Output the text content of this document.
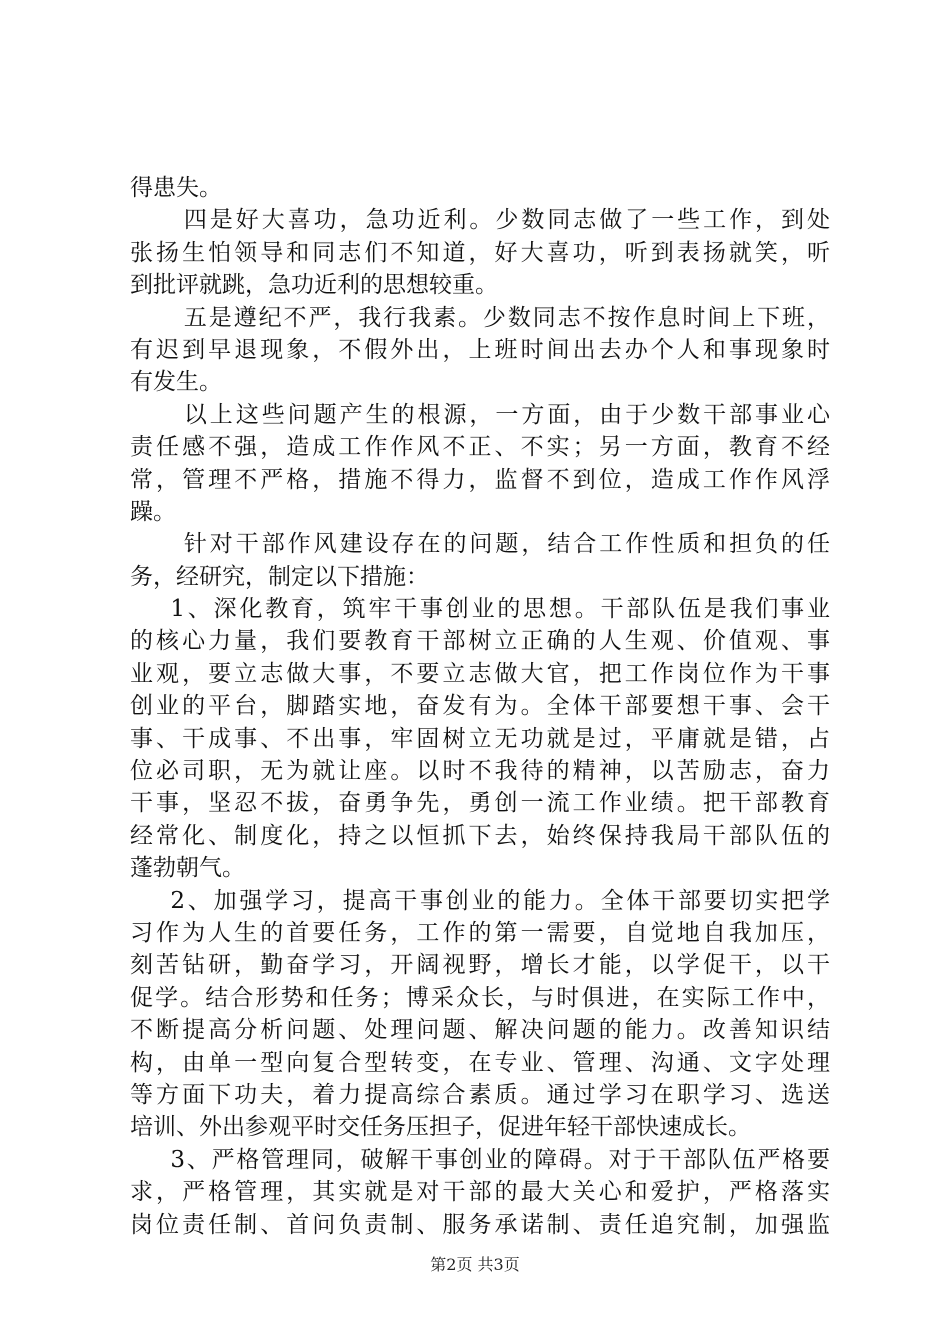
得患失。
四是好大喜功，急功近利。少数同志做了一些工作，到处
张扬生怕领导和同志们不知道，好大喜功，听到表扬就笑，听
到批评就跳，急功近利的思想较重。
五是遵纪不严，我行我素。少数同志不按作息时间上下班，
有迟到早退现象，不假外出，上班时间出去办个人和事现象时
有发生。
以上这些问题产生的根源，一方面，由于少数干部事业心
责任感不强，造成工作作风不正、不实；另一方面，教育不经
常，管理不严格，措施不得力，监督不到位，造成工作作风浮
躁。
针对干部作风建设存在的问题，结合工作性质和担负的任
务，经研究，制定以下措施：
1、深化教育，筑牢干事创业的思想。干部队伍是我们事业
的核心力量，我们要教育干部树立正确的人生观、价值观、事
业观，要立志做大事，不要立志做大官，把工作岗位作为干事
创业的平台，脚踏实地，奋发有为。全体干部要想干事、会干
事、干成事、不出事，牢固树立无功就是过，平庸就是错，占
位必司职，无为就让座。以时不我待的精神，以苦励志，奋力
干事，坚忍不拔，奋勇争先，勇创一流工作业绩。把干部教育
经常化、制度化，持之以恒抓下去，始终保持我局干部队伍的
蓬勃朝气。
2、加强学习，提高干事创业的能力。全体干部要切实把学
习作为人生的首要任务，工作的第一需要，自觉地自我加压，
刻苦钻研，勤奋学习，开阔视野，增长才能，以学促干，以干
促学。结合形势和任务；博采众长，与时俱进，在实际工作中，
不断提高分析问题、处理问题、解决问题的能力。改善知识结
构，由单一型向复合型转变，在专业、管理、沟通、文字处理
等方面下功夫，着力提高综合素质。通过学习在职学习、选送
培训、外出参观平时交任务压担子，促进年轻干部快速成长。
3、严格管理同，破解干事创业的障碍。对于干部队伍严格要
求，严格管理，其实就是对干部的最大关心和爱护，严格落实
岗位责任制、首问负责制、服务承诺制、责任追究制，加强监
第2页 共3页
